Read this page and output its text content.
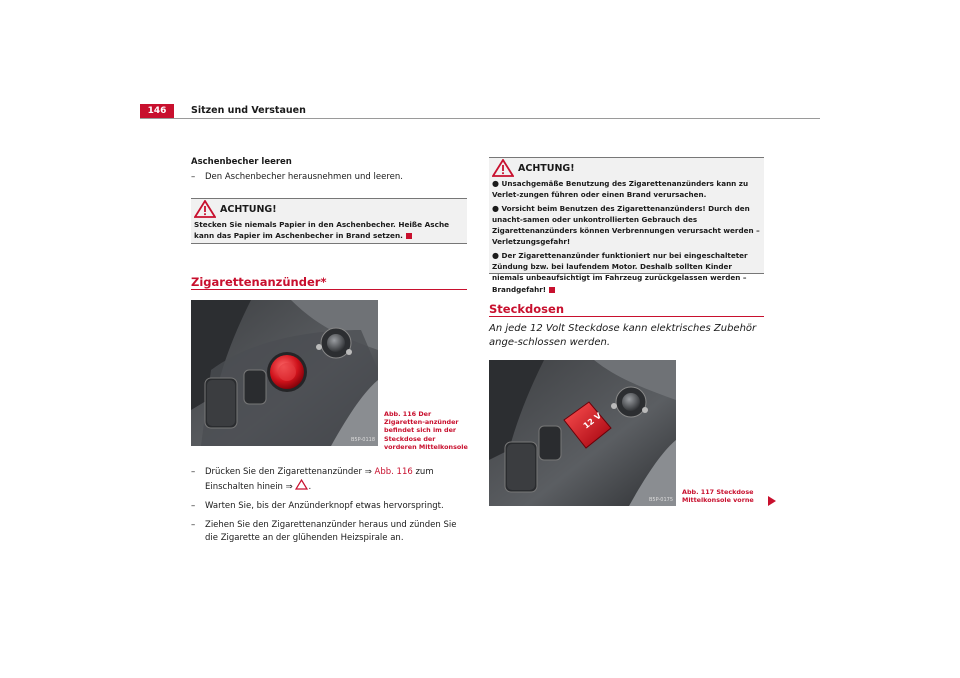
146	Sitzen und Verstauen
Aschenbecher leeren
–	Den Aschenbecher herausnehmen und leeren.
ACHTUNG!
Stecken Sie niemals Papier in den Aschenbecher. Heiße Asche kann das Papier im Aschenbecher in Brand setzen.
Zigarettenanzünder*
B5P-0118
Abb. 116 Der Zigaretten-anzünder befindet sich im der Steckdose der vorderen Mittelkonsole
–	Drücken Sie den Zigarettenanzünder ⇒ Abb. 116 zum Einschalten hinein ⇒ .
–	Warten Sie, bis der Anzünderknopf etwas hervorspringt.
–	Ziehen Sie den Zigarettenanzünder heraus und zünden Sie die Zigarette an der glühenden Heizspirale an.
ACHTUNG!
● Unsachgemäße Benutzung des Zigarettenanzünders kann zu Verlet-zungen führen oder einen Brand verursachen.
● Vorsicht beim Benutzen des Zigarettenanzünders! Durch den unacht-samen oder unkontrollierten Gebrauch des Zigarettenanzünders können Verbrennungen verursacht werden – Verletzungsgefahr!
● Der Zigarettenanzünder funktioniert nur bei eingeschalteter Zündung bzw. bei laufendem Motor. Deshalb sollten Kinder niemals unbeaufsichtigt im Fahrzeug zurückgelassen werden – Brandgefahr!
Steckdosen
An jede 12 Volt Steckdose kann elektrisches Zubehör ange-schlossen werden.
12 V
B5P-0175
Abb. 117 Steckdose Mittelkonsole vorne
